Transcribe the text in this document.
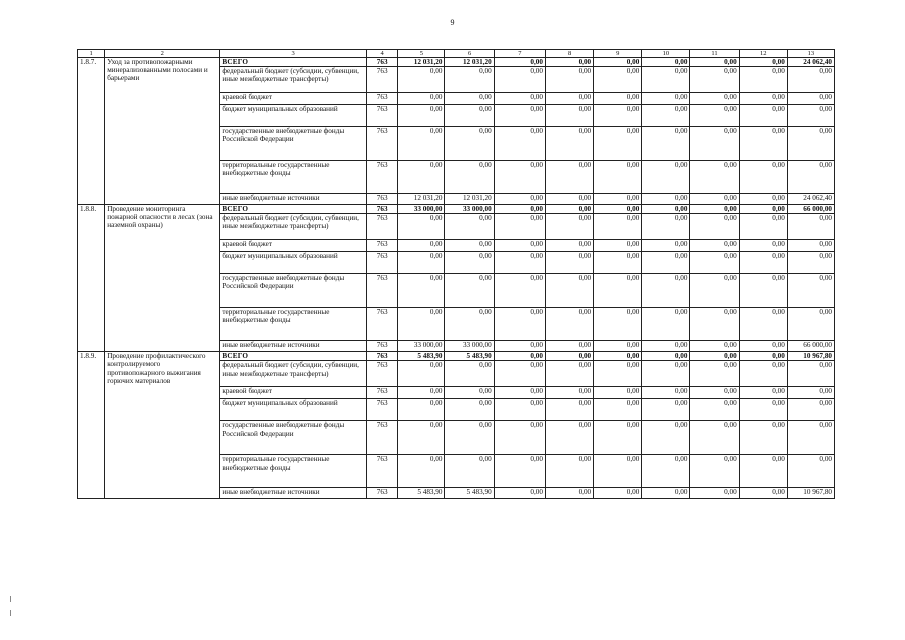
9
1	2	3	4	5	6	7	8	9	10	11	12	13
1.8.7.	Уход за противопожарными минерализованными полосами и барьерами	ВСЕГО	763	12 031,20	12 031,20	0,00	0,00	0,00	0,00	0,00	0,00	24 062,40
		федеральный бюджет (субсидии, субвенции, иные межбюджетные трансферты)	763	0,00	0,00	0,00	0,00	0,00	0,00	0,00	0,00	0,00
		краевой бюджет	763	0,00	0,00	0,00	0,00	0,00	0,00	0,00	0,00	0,00
		бюджет муниципальных образований	763	0,00	0,00	0,00	0,00	0,00	0,00	0,00	0,00	0,00
		государственные внебюджетные фонды Российской Федерации	763	0,00	0,00	0,00	0,00	0,00	0,00	0,00	0,00	0,00
		территориальные государственные внебюджетные фонды	763	0,00	0,00	0,00	0,00	0,00	0,00	0,00	0,00	0,00
		иные внебюджетные источники	763	12 031,20	12 031,20	0,00	0,00	0,00	0,00	0,00	0,00	24 062,40
1.8.8.	Проведение мониторинга пожарной опасности в лесах (зона наземной охраны)	ВСЕГО	763	33 000,00	33 000,00	0,00	0,00	0,00	0,00	0,00	0,00	66 000,00
		федеральный бюджет (субсидии, субвенции, иные межбюджетные трансферты)	763	0,00	0,00	0,00	0,00	0,00	0,00	0,00	0,00	0,00
		краевой бюджет	763	0,00	0,00	0,00	0,00	0,00	0,00	0,00	0,00	0,00
		бюджет муниципальных образований	763	0,00	0,00	0,00	0,00	0,00	0,00	0,00	0,00	0,00
		государственные внебюджетные фонды Российской Федерации	763	0,00	0,00	0,00	0,00	0,00	0,00	0,00	0,00	0,00
		территориальные государственные внебюджетные фонды	763	0,00	0,00	0,00	0,00	0,00	0,00	0,00	0,00	0,00
		иные внебюджетные источники	763	33 000,00	33 000,00	0,00	0,00	0,00	0,00	0,00	0,00	66 000,00
1.8.9.	Проведение профилактического контролируемого противопожарного выжигания горючих материалов	ВСЕГО	763	5 483,90	5 483,90	0,00	0,00	0,00	0,00	0,00	0,00	10 967,80
		федеральный бюджет (субсидии, субвенции, иные межбюджетные трансферты)	763	0,00	0,00	0,00	0,00	0,00	0,00	0,00	0,00	0,00
		краевой бюджет	763	0,00	0,00	0,00	0,00	0,00	0,00	0,00	0,00	0,00
		бюджет муниципальных образований	763	0,00	0,00	0,00	0,00	0,00	0,00	0,00	0,00	0,00
		государственные внебюджетные фонды Российской Федерации	763	0,00	0,00	0,00	0,00	0,00	0,00	0,00	0,00	0,00
		территориальные государственные внебюджетные фонды	763	0,00	0,00	0,00	0,00	0,00	0,00	0,00	0,00	0,00
		иные внебюджетные источники	763	5 483,90	5 483,90	0,00	0,00	0,00	0,00	0,00	0,00	10 967,80
